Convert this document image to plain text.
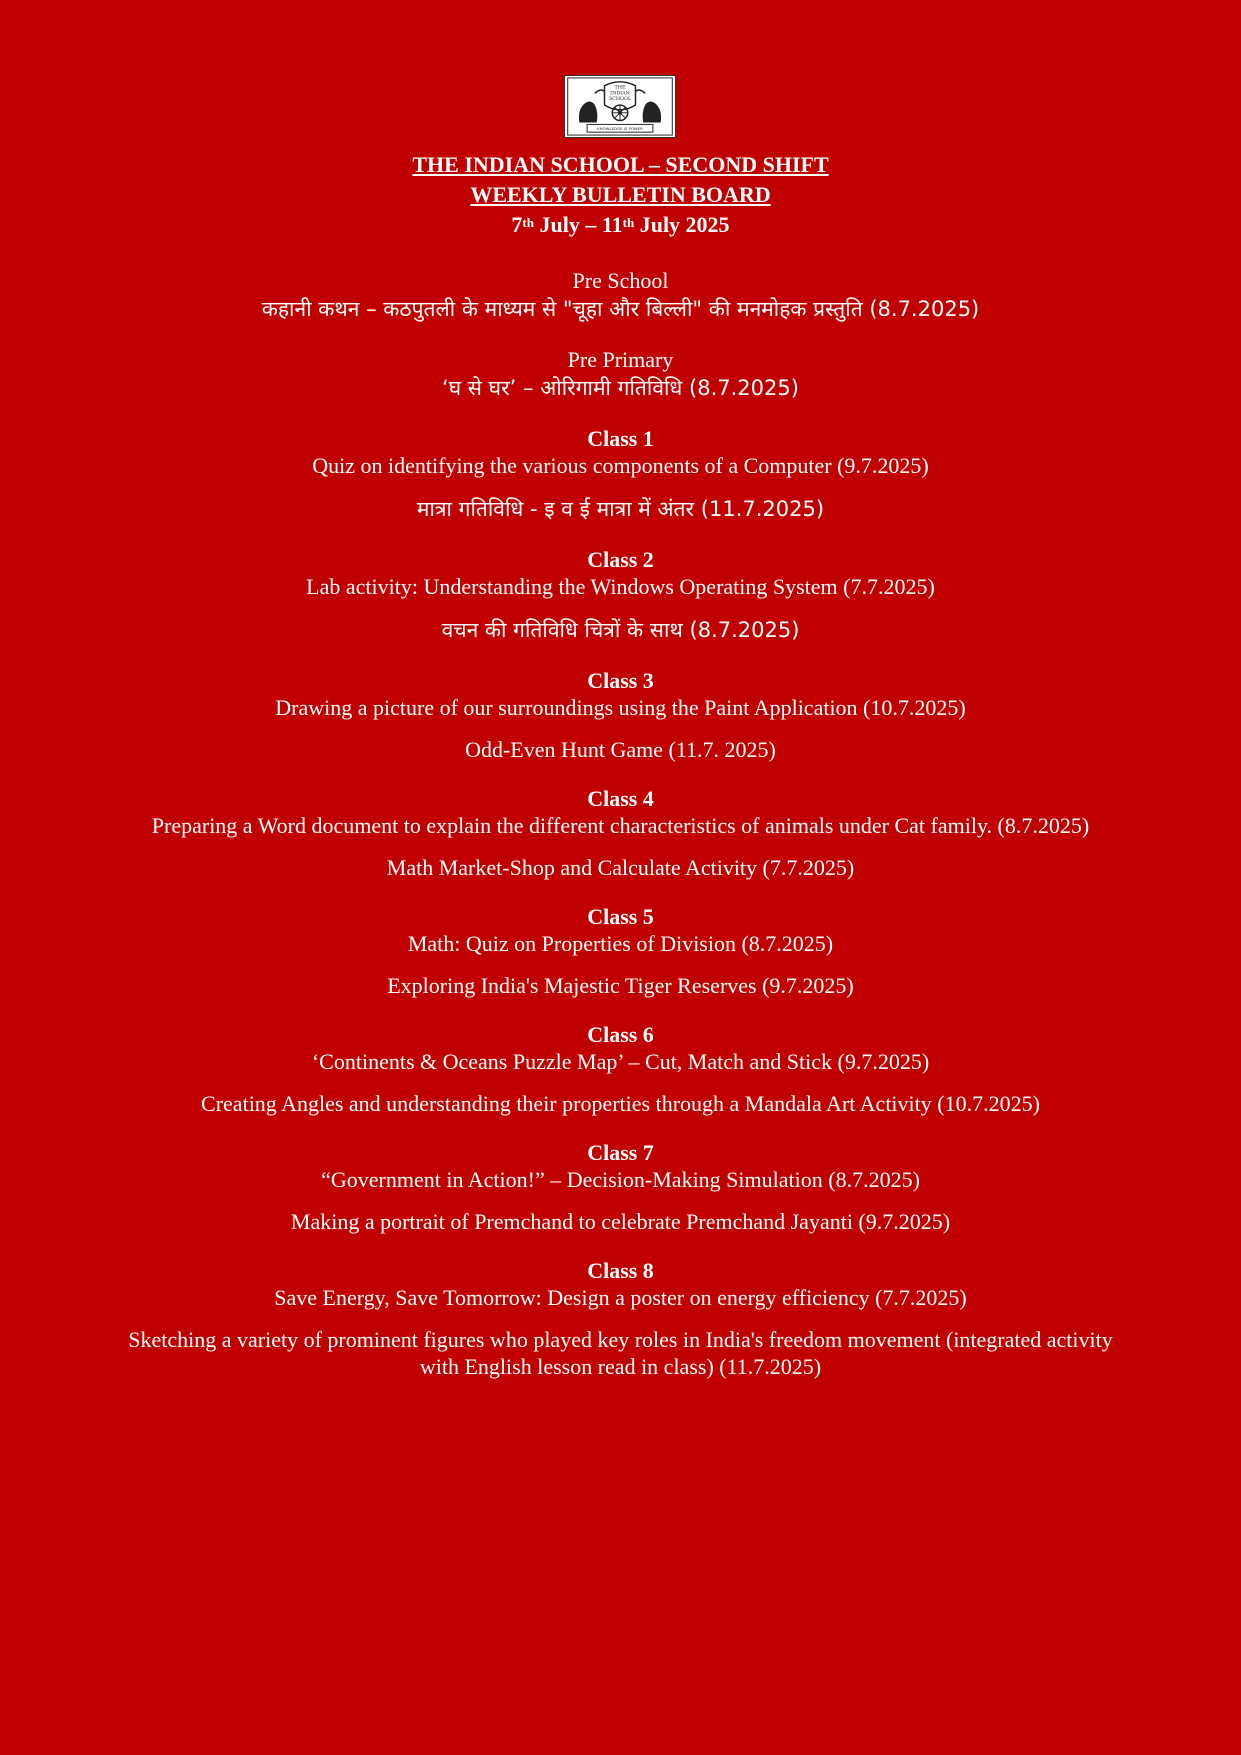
THE
INDIAN
SCHOOL
KNOWLEDGE IS POWER
THE INDIAN SCHOOL – SECOND SHIFT
WEEKLY BULLETIN BOARD
7th July – 11th July 2025
Pre School
कहानी कथन – कठपुतली के माध्यम से "चूहा और बिल्ली" की मनमोहक प्रस्तुति (8.7.2025)
Pre Primary
‘घ से घर’ – ओरिगामी गतिविधि (8.7.2025)
Class 1
Quiz on identifying the various components of a Computer (9.7.2025)
मात्रा गतिविधि - इ व ई मात्रा में अंतर (11.7.2025)
Class 2
Lab activity: Understanding the Windows Operating System (7.7.2025)
वचन की गतिविधि चित्रों के साथ (8.7.2025)
Class 3
Drawing a picture of our surroundings using the Paint Application (10.7.2025)
Odd-Even Hunt Game (11.7. 2025)
Class 4
Preparing a Word document to explain the different characteristics of animals under Cat family. (8.7.2025)
Math Market-Shop and Calculate Activity (7.7.2025)
Class 5
Math: Quiz on Properties of Division (8.7.2025)
Exploring India's Majestic Tiger Reserves (9.7.2025)
Class 6
‘Continents & Oceans Puzzle Map’ – Cut, Match and Stick (9.7.2025)
Creating Angles and understanding their properties through a Mandala Art Activity (10.7.2025)
Class 7
“Government in Action!” – Decision-Making Simulation (8.7.2025)
Making a portrait of Premchand to celebrate Premchand Jayanti (9.7.2025)
Class 8
Save Energy, Save Tomorrow: Design a poster on energy efficiency (7.7.2025)
Sketching a variety of prominent figures who played key roles in India's freedom movement (integrated activity with English lesson read in class) (11.7.2025)
